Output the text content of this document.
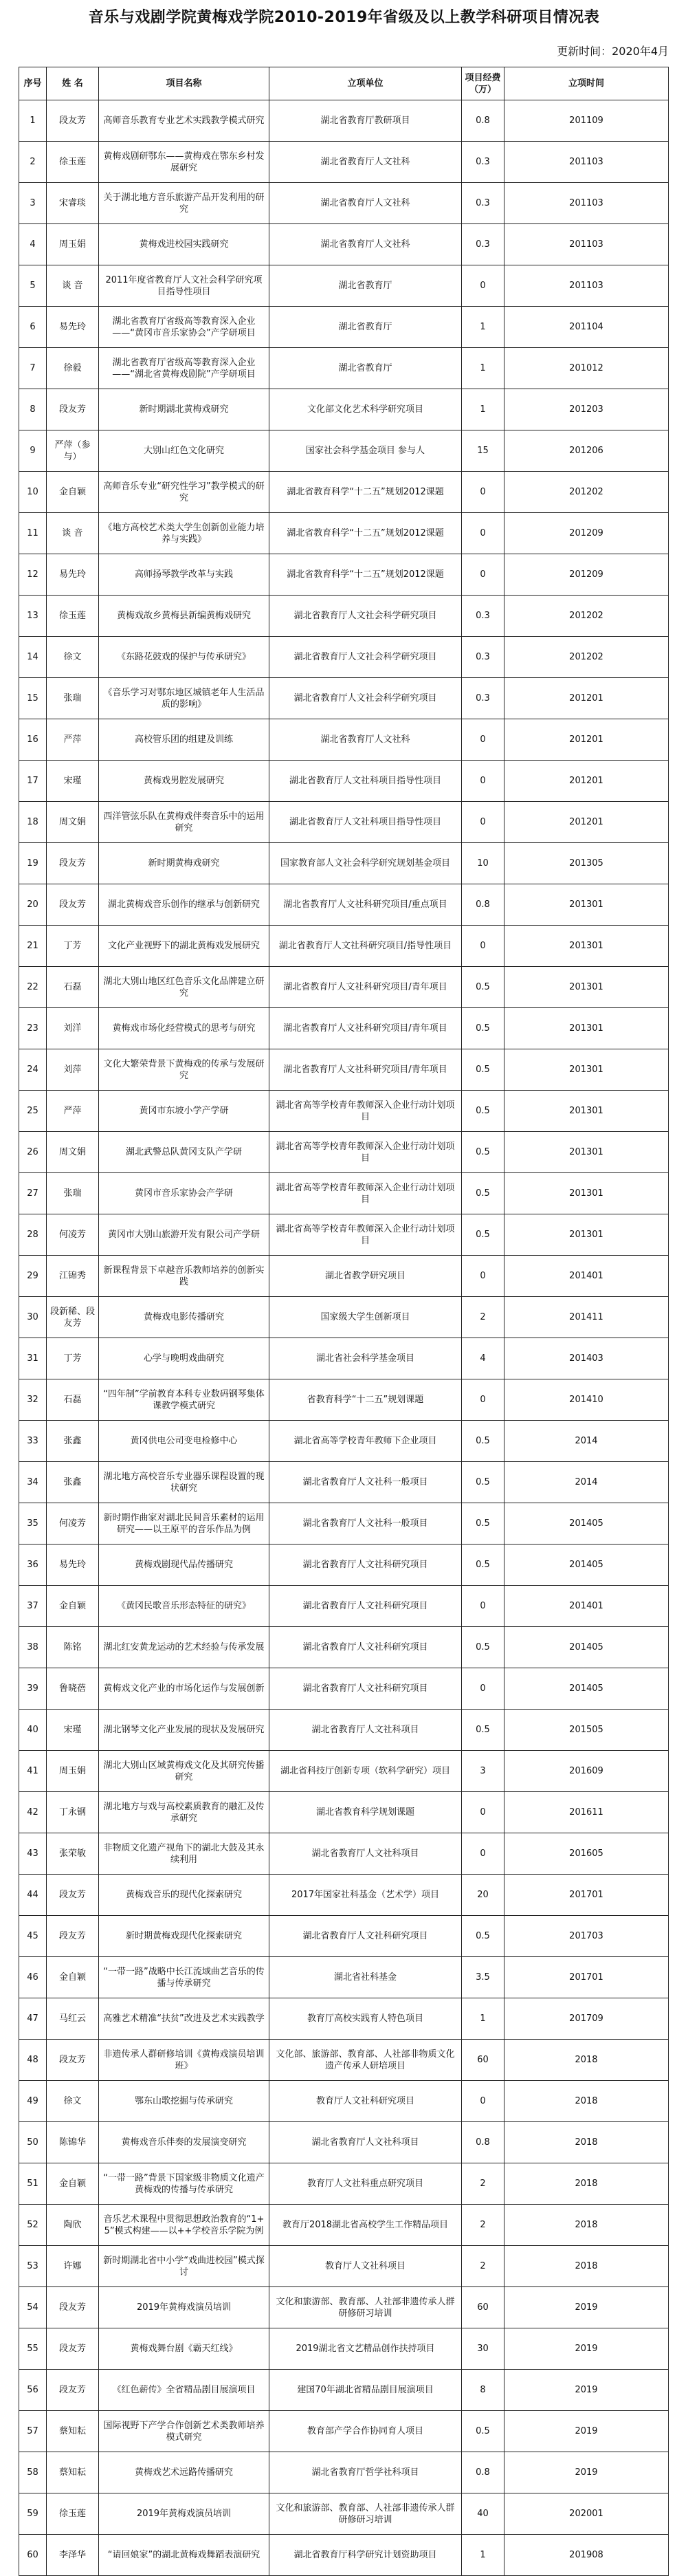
音乐与戏剧学院黄梅戏学院2010-2019年省级及以上教学科研项目情况表
更新时间：2020年4月
序号	姓 名	项目名称	立项单位	项目经费（万）	立项时间
1	段友芳	高师音乐教育专业艺术实践教学模式研究	湖北省教育厅教研项目	0.8	201109
2	徐玉莲	黄梅戏剧研鄂东——黄梅戏在鄂东乡村发展研究	湖北省教育厅人文社科	0.3	201103
3	宋睿琰	关于湖北地方音乐旅游产品开发利用的研究	湖北省教育厅人文社科	0.3	201103
4	周玉娟	黄梅戏进校园实践研究	湖北省教育厅人文社科	0.3	201103
5	谈 音	2011年度省教育厅人文社会科学研究项目指导性项目	湖北省教育厅	0	201103
6	易先玲	湖北省教育厅省级高等教育深入企业——“黄冈市音乐家协会”产学研项目	湖北省教育厅	1	201104
7	徐毅	湖北省教育厅省级高等教育深入企业——“湖北省黄梅戏剧院”产学研项目	湖北省教育厅	1	201012
8	段友芳	新时期湖北黄梅戏研究	文化部文化艺术科学研究项目	1	201203
9	严萍（参与）	大别山红色文化研究	国家社会科学基金项目 参与人	15	201206
10	金自颖	高师音乐专业“研究性学习”教学模式的研究	湖北省教育科学“十二五”规划2012课题	0	201202
11	谈 音	《地方高校艺术类大学生创新创业能力培养与实践》	湖北省教育科学“十二五”规划2012课题	0	201209
12	易先玲	高师扬琴教学改革与实践	湖北省教育科学“十二五”规划2012课题	0	201209
13	徐玉莲	黄梅戏故乡黄梅县新编黄梅戏研究	湖北省教育厅人文社会科学研究项目	0.3	201202
14	徐文	《东路花鼓戏的保护与传承研究》	湖北省教育厅人文社会科学研究项目	0.3	201202
15	张瑞	《音乐学习对鄂东地区城镇老年人生活品质的影响》	湖北省教育厅人文社会科学研究项目	0.3	201201
16	严萍	高校管乐团的组建及训练	湖北省教育厅人文社科	0	201201
17	宋瑾	黄梅戏男腔发展研究	湖北省教育厅人文社科项目指导性项目	0	201201
18	周文娟	西洋管弦乐队在黄梅戏伴奏音乐中的运用研究	湖北省教育厅人文社科项目指导性项目	0	201201
19	段友芳	新时期黄梅戏研究	国家教育部人文社会科学研究规划基金项目	10	201305
20	段友芳	湖北黄梅戏音乐创作的继承与创新研究	湖北省教育厅人文社科研究项目/重点项目	0.8	201301
21	丁芳	文化产业视野下的湖北黄梅戏发展研究	湖北省教育厅人文社科研究项目/指导性项目	0	201301
22	石磊	湖北大别山地区红色音乐文化品牌建立研究	湖北省教育厅人文社科研究项目/青年项目	0.5	201301
23	刘洋	黄梅戏市场化经营模式的思考与研究	湖北省教育厅人文社科研究项目/青年项目	0.5	201301
24	刘萍	文化大繁荣背景下黄梅戏的传承与发展研究	湖北省教育厅人文社科研究项目/青年项目	0.5	201301
25	严萍	黄冈市东坡小学产学研	湖北省高等学校青年教师深入企业行动计划项目	0.5	201301
26	周文娟	湖北武警总队黄冈支队产学研	湖北省高等学校青年教师深入企业行动计划项目	0.5	201301
27	张瑞	黄冈市音乐家协会产学研	湖北省高等学校青年教师深入企业行动计划项目	0.5	201301
28	何凌芳	黄冈市大别山旅游开发有限公司产学研	湖北省高等学校青年教师深入企业行动计划项目	0.5	201301
29	江锦秀	新课程背景下卓越音乐教师培养的创新实践	湖北省教学研究项目	0	201401
30	段新稀、段友芳	黄梅戏电影传播研究	国家级大学生创新项目	2	201411
31	丁芳	心学与晚明戏曲研究	湖北省社会科学基金项目	4	201403
32	石磊	“四年制”学前教育本科专业数码钢琴集体课教学模式研究	省教育科学“十二五”规划课题	0	201410
33	张鑫	黄冈供电公司变电检修中心	湖北省高等学校青年教师下企业项目	0.5	2014
34	张鑫	湖北地方高校音乐专业器乐课程设置的现状研究	湖北省教育厅人文社科一般项目	0.5	2014
35	何凌芳	新时期作曲家对湖北民间音乐素材的运用研究——以王原平的音乐作品为例	湖北省教育厅人文社科一般项目	0.5	201405
36	易先玲	黄梅戏剧现代品传播研究	湖北省教育厅人文社科研究项目	0.5	201405
37	金自颖	《黄冈民歌音乐形态特征的研究》	湖北省教育厅人文社科研究项目	0	201401
38	陈铭	湖北红安黄龙运动的艺术经验与传承发展	湖北省教育厅人文社科研究项目	0.5	201405
39	鲁晓蓓	黄梅戏文化产业的市场化运作与发展创新	湖北省教育厅人文社科研究项目	0	201405
40	宋瑾	湖北钢琴文化产业发展的现状及发展研究	湖北省教育厅人文社科项目	0.5	201505
41	周玉娟	湖北大别山区域黄梅戏文化及其研究传播研究	湖北省科技厅创新专项（软科学研究）项目	3	201609
42	丁永钢	湖北地方与戏与高校素质教育的融汇及传承研究	湖北省教育科学规划课题	0	201611
43	张荣敏	非物质文化遗产视角下的湖北大鼓及其永续利用	湖北省教育厅人文社科项目	0	201605
44	段友芳	黄梅戏音乐的现代化探索研究	2017年国家社科基金（艺术学）项目	20	201701
45	段友芳	新时期黄梅戏现代化探索研究	湖北省教育厅人文社科研究项目	0.5	201703
46	金自颖	“一带一路”战略中长江流域曲艺音乐的传播与传承研究	湖北省社科基金	3.5	201701
47	马红云	高雅艺术精准“扶贫”改进及艺术实践教学	教育厅高校实践育人特色项目	1	201709
48	段友芳	非遗传承人群研修培训《黄梅戏演员培训班》	文化部、旅游部、教育部、人社部非物质文化遗产传承人研培项目	60	2018
49	徐文	鄂东山歌挖掘与传承研究	教育厅人文社科研究项目	0	2018
50	陈锦华	黄梅戏音乐伴奏的发展演变研究	湖北省教育厅人文社科项目	0.8	2018
51	金自颖	“一带一路”背景下国家级非物质文化遗产黄梅戏的传播与传承研究	教育厅人文社科重点研究项目	2	2018
52	陶欣	音乐艺术课程中贯彻思想政治教育的“1+5”模式构建——以++学校音乐学院为例	教育厅2018湖北省高校学生工作精品项目	2	2018
53	许娜	新时期湖北省中小学“戏曲进校园”模式探讨	教育厅人文社科项目	2	2018
54	段友芳	2019年黄梅戏演员培训	文化和旅游部、教育部、人社部非遗传承人群研修研习培训	60	2019
55	段友芳	黄梅戏舞台剧《霸天红线》	2019湖北省文艺精品创作扶持项目	30	2019
56	段友芳	《红色薪传》全省精品剧目展演项目	建国70年湖北省精品剧目展演项目	8	2019
57	蔡知耘	国际视野下产学合作创新艺术类教师培养模式研究	教育部产学合作协同育人项目	0.5	2019
58	蔡知耘	黄梅戏艺术远路传播研究	湖北省教育厅哲学社科项目	0.8	2019
59	徐玉莲	2019年黄梅戏演员培训	文化和旅游部、教育部、人社部非遗传承人群研修研习培训	40	202001
60	李泽华	“请回娘家”的湖北黄梅戏舞蹈表演研究	湖北省教育厅科学研究计划资助项目	1	201908
